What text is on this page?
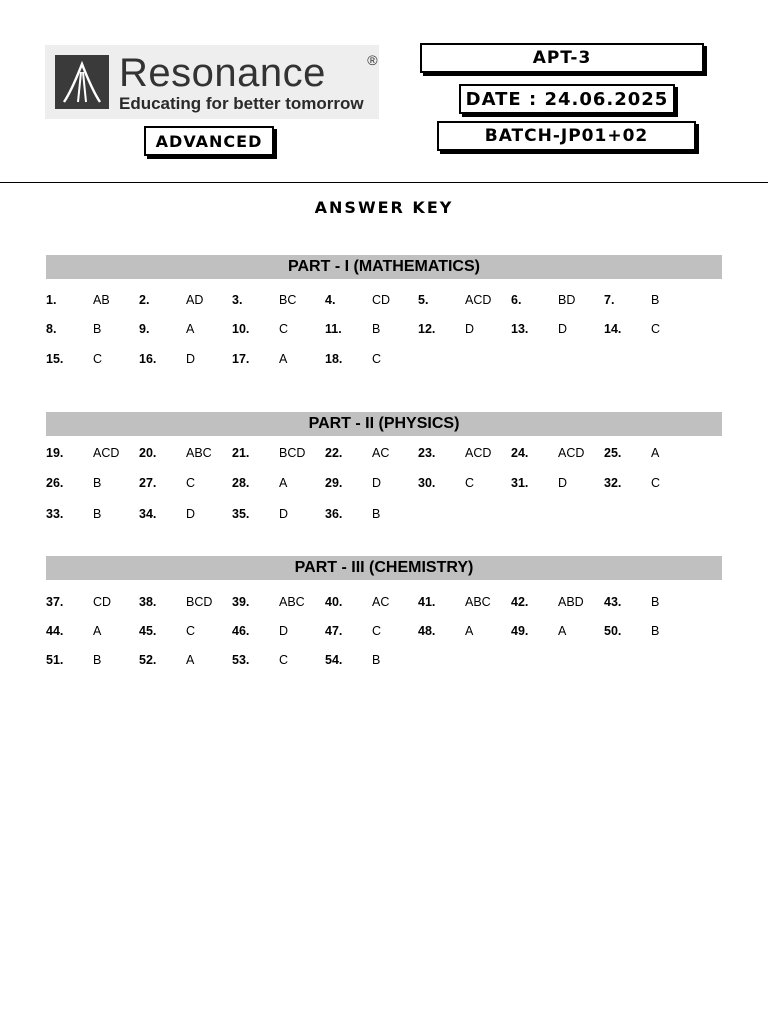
Resonance	®
Educating for better tomorrow
ADVANCED
APT-3
DATE : 24.06.2025
BATCH-JP01+02
ANSWER KEY
PART - I (MATHEMATICS)
1.	AB 2.	AD 3.	BC 4.	CD 5.	ACD 6.	BD 7.	B
8.	B	9.	A	10. C	11. B	12. D	13. D	14. C
15. C	16. D	17. A	18. C
PART - II (PHYSICS)
19. ACD 20. ABC 21. BCD 22. AC 23. ACD 24. ACD 25. A
26. B	27. C	28. A	29. D	30. C	31. D	32. C
33. B	34. D	35. D	36. B
PART - III (CHEMISTRY)
37. CD 38. BCD 39. ABC 40. AC 41. ABC 42. ABD 43. B
44. A	45. C	46. D	47. C	48. A	49. A	50. B
51. B	52. A	53. C	54. B
